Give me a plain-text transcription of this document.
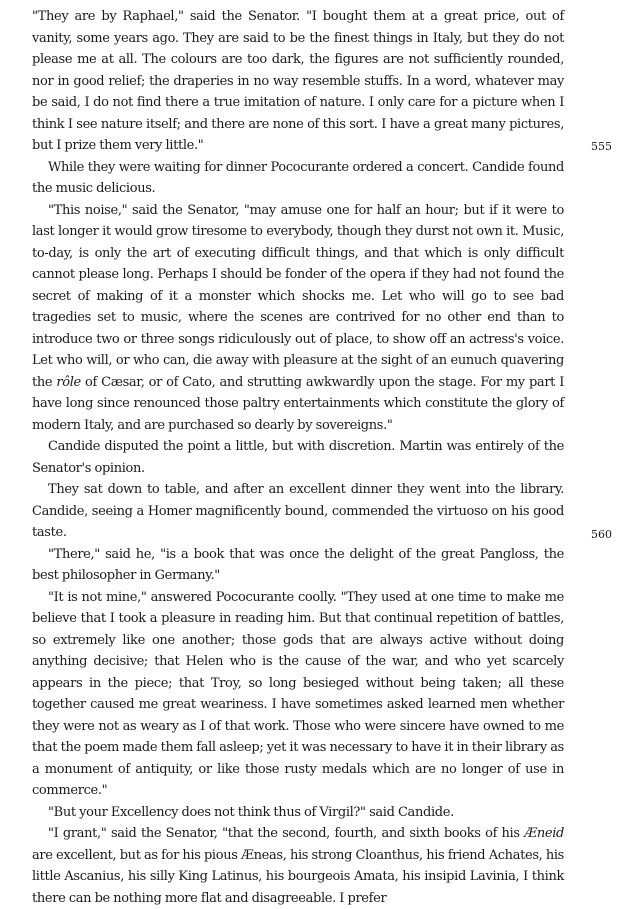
"They are by Raphael," said the Senator. "I bought them at a great price, out of vanity, some years ago. They are said to be the finest things in Italy, but they do not please me at all. The colours are too dark, the figures are not sufficiently rounded, nor in good relief; the draperies in no way resemble stuffs. In a word, whatever may be said, I do not find there a true imitation of nature. I only care for a picture when I think I see nature itself; and there are none of this sort. I have a great many pictures, but I prize them very little."

While they were waiting for dinner Pococurante ordered a concert. Candide found the music delicious.

"This noise," said the Senator, "may amuse one for half an hour; but if it were to last longer it would grow tiresome to everybody, though they durst not own it. Music, to-day, is only the art of executing difficult things, and that which is only difficult cannot please long. Perhaps I should be fonder of the opera if they had not found the secret of making of it a monster which shocks me. Let who will go to see bad tragedies set to music, where the scenes are contrived for no other end than to introduce two or three songs ridiculously out of place, to show off an actress's voice. Let who will, or who can, die away with pleasure at the sight of an eunuch quavering the rôle of Cæsar, or of Cato, and strutting awkwardly upon the stage. For my part I have long since renounced those paltry entertainments which constitute the glory of modern Italy, and are purchased so dearly by sovereigns."

Candide disputed the point a little, but with discretion. Martin was entirely of the Senator's opinion.

They sat down to table, and after an excellent dinner they went into the library. Candide, seeing a Homer magnificently bound, commended the virtuoso on his good taste.

"There," said he, "is a book that was once the delight of the great Pangloss, the best philosopher in Germany."

"It is not mine," answered Pococurante coolly. "They used at one time to make me believe that I took a pleasure in reading him. But that continual repetition of battles, so extremely like one another; those gods that are always active without doing anything decisive; that Helen who is the cause of the war, and who yet scarcely appears in the piece; that Troy, so long besieged without being taken; all these together caused me great weariness. I have sometimes asked learned men whether they were not as weary as I of that work. Those who were sincere have owned to me that the poem made them fall asleep; yet it was necessary to have it in their library as a monument of antiquity, or like those rusty medals which are no longer of use in commerce."

"But your Excellency does not think thus of Virgil?" said Candide.

"I grant," said the Senator, "that the second, fourth, and sixth books of his Æneid are excellent, but as for his pious Æneas, his strong Cloanthus, his friend Achates, his little Ascanius, his silly King Latinus, his bourgeois Amata, his insipid Lavinia, I think there can be nothing more flat and disagreeable. I prefer

555
560
